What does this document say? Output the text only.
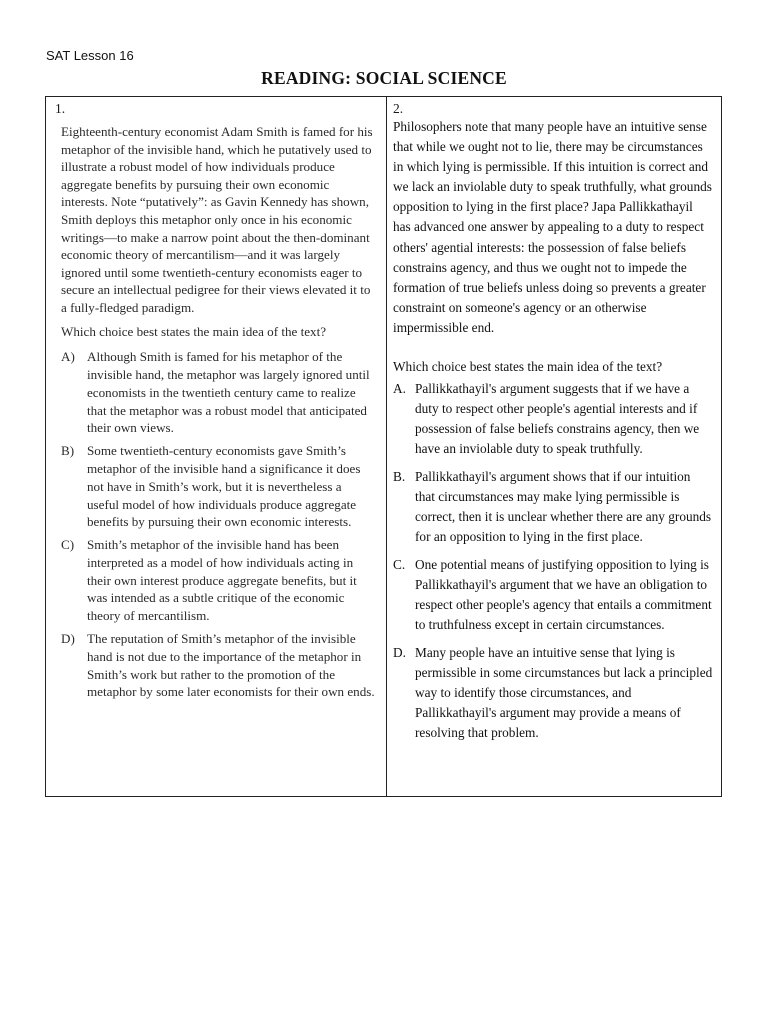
SAT Lesson 16
READING: SOCIAL SCIENCE
1.

Eighteenth-century economist Adam Smith is famed for his metaphor of the invisible hand, which he putatively used to illustrate a robust model of how individuals produce aggregate benefits by pursuing their own economic interests. Note “putatively”: as Gavin Kennedy has shown, Smith deploys this metaphor only once in his economic writings—to make a narrow point about the then-dominant economic theory of mercantilism—and it was largely ignored until some twentieth-century economists eager to secure an intellectual pedigree for their views elevated it to a fully-fledged paradigm.

Which choice best states the main idea of the text?

A) Although Smith is famed for his metaphor of the invisible hand, the metaphor was largely ignored until economists in the twentieth century came to realize that the metaphor was a robust model that anticipated their own views.
B) Some twentieth-century economists gave Smith’s metaphor of the invisible hand a significance it does not have in Smith’s work, but it is nevertheless a useful model of how individuals produce aggregate benefits by pursuing their own economic interests.
C) Smith’s metaphor of the invisible hand has been interpreted as a model of how individuals acting in their own interest produce aggregate benefits, but it was intended as a subtle critique of the economic theory of mercantilism.
D) The reputation of Smith’s metaphor of the invisible hand is not due to the importance of the metaphor in Smith’s work but rather to the promotion of the metaphor by some later economists for their own ends.
2.

Philosophers note that many people have an intuitive sense that while we ought not to lie, there may be circumstances in which lying is permissible. If this intuition is correct and we lack an inviolable duty to speak truthfully, what grounds opposition to lying in the first place? Japa Pallikkathayil has advanced one answer by appealing to a duty to respect others' agential interests: the possession of false beliefs constrains agency, and thus we ought not to impede the formation of true beliefs unless doing so prevents a greater constraint on someone's agency or an otherwise impermissible end.

Which choice best states the main idea of the text?

A. Pallikkathayil's argument suggests that if we have a duty to respect other people's agential interests and if possession of false beliefs constrains agency, then we have an inviolable duty to speak truthfully.
B. Pallikkathayil's argument shows that if our intuition that circumstances may make lying permissible is correct, then it is unclear whether there are any grounds for an opposition to lying in the first place.
C. One potential means of justifying opposition to lying is Pallikkathayil's argument that we have an obligation to respect other people's agency that entails a commitment to truthfulness except in certain circumstances.
D. Many people have an intuitive sense that lying is permissible in some circumstances but lack a principled way to identify those circumstances, and Pallikkathayil's argument may provide a means of resolving that problem.
